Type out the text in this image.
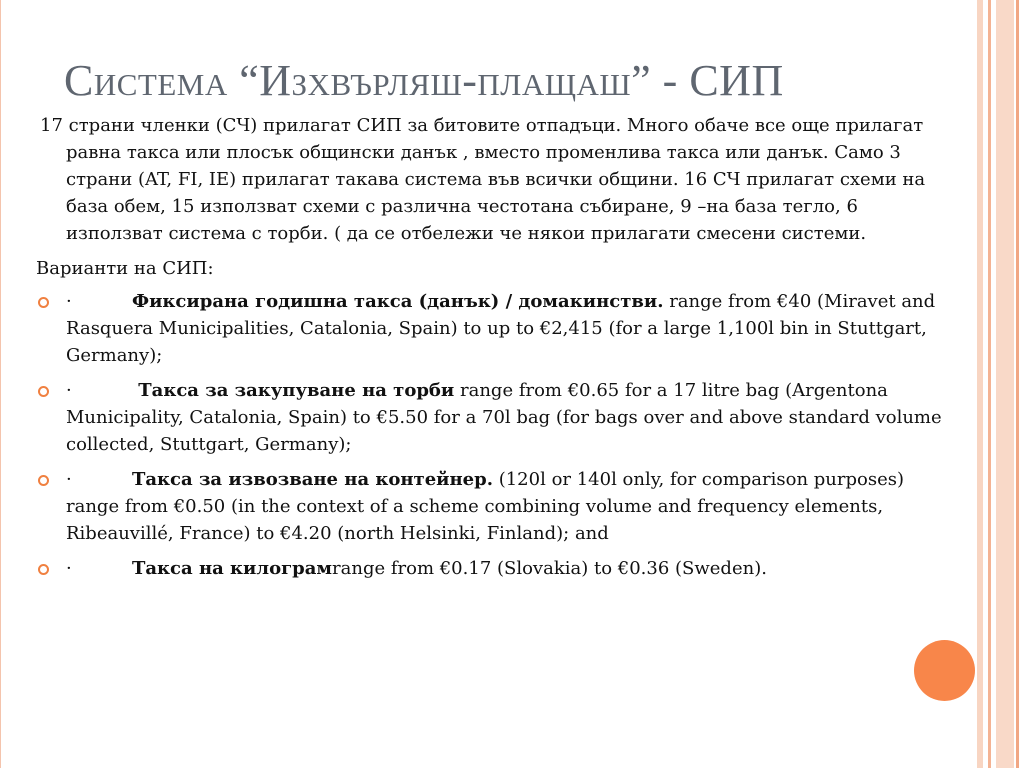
Система “Изхвърляш-плащаш” - СИП

17 страни членки (СЧ) прилагат СИП за битовите отпадъци. Много обаче все още прилагат равна такса или плосък общински данък , вместо променлива такса или данък. Само 3 страни (AT, FI, IE) прилагат такава система във всички общини. 16 СЧ прилагат схеми на база обем, 15 използват схеми с различна честотана събиране, 9 –на база тегло, 6 използват система с торби. ( да се отбележи че някои прилагати смесени системи.

Варианти на СИП:

·	Фиксирана годишна такса (данък) / домакинстви. range from €40 (Miravet and Rasquera Municipalities, Catalonia, Spain) to up to €2,415 (for a large 1,100l bin in Stuttgart, Germany);
·	Такса за закупуване на торби range from €0.65 for a 17 litre bag (Argentona Municipality, Catalonia, Spain) to €5.50 for a 70l bag (for bags over and above standard volume collected, Stuttgart, Germany);
·	Такса за извозване на контейнер. (120l or 140l only, for comparison purposes) range from €0.50 (in the context of a scheme combining volume and frequency elements, Ribeauvillé, France) to €4.20 (north Helsinki, Finland); and
·	Такса на килограмrange from €0.17 (Slovakia) to €0.36 (Sweden).
